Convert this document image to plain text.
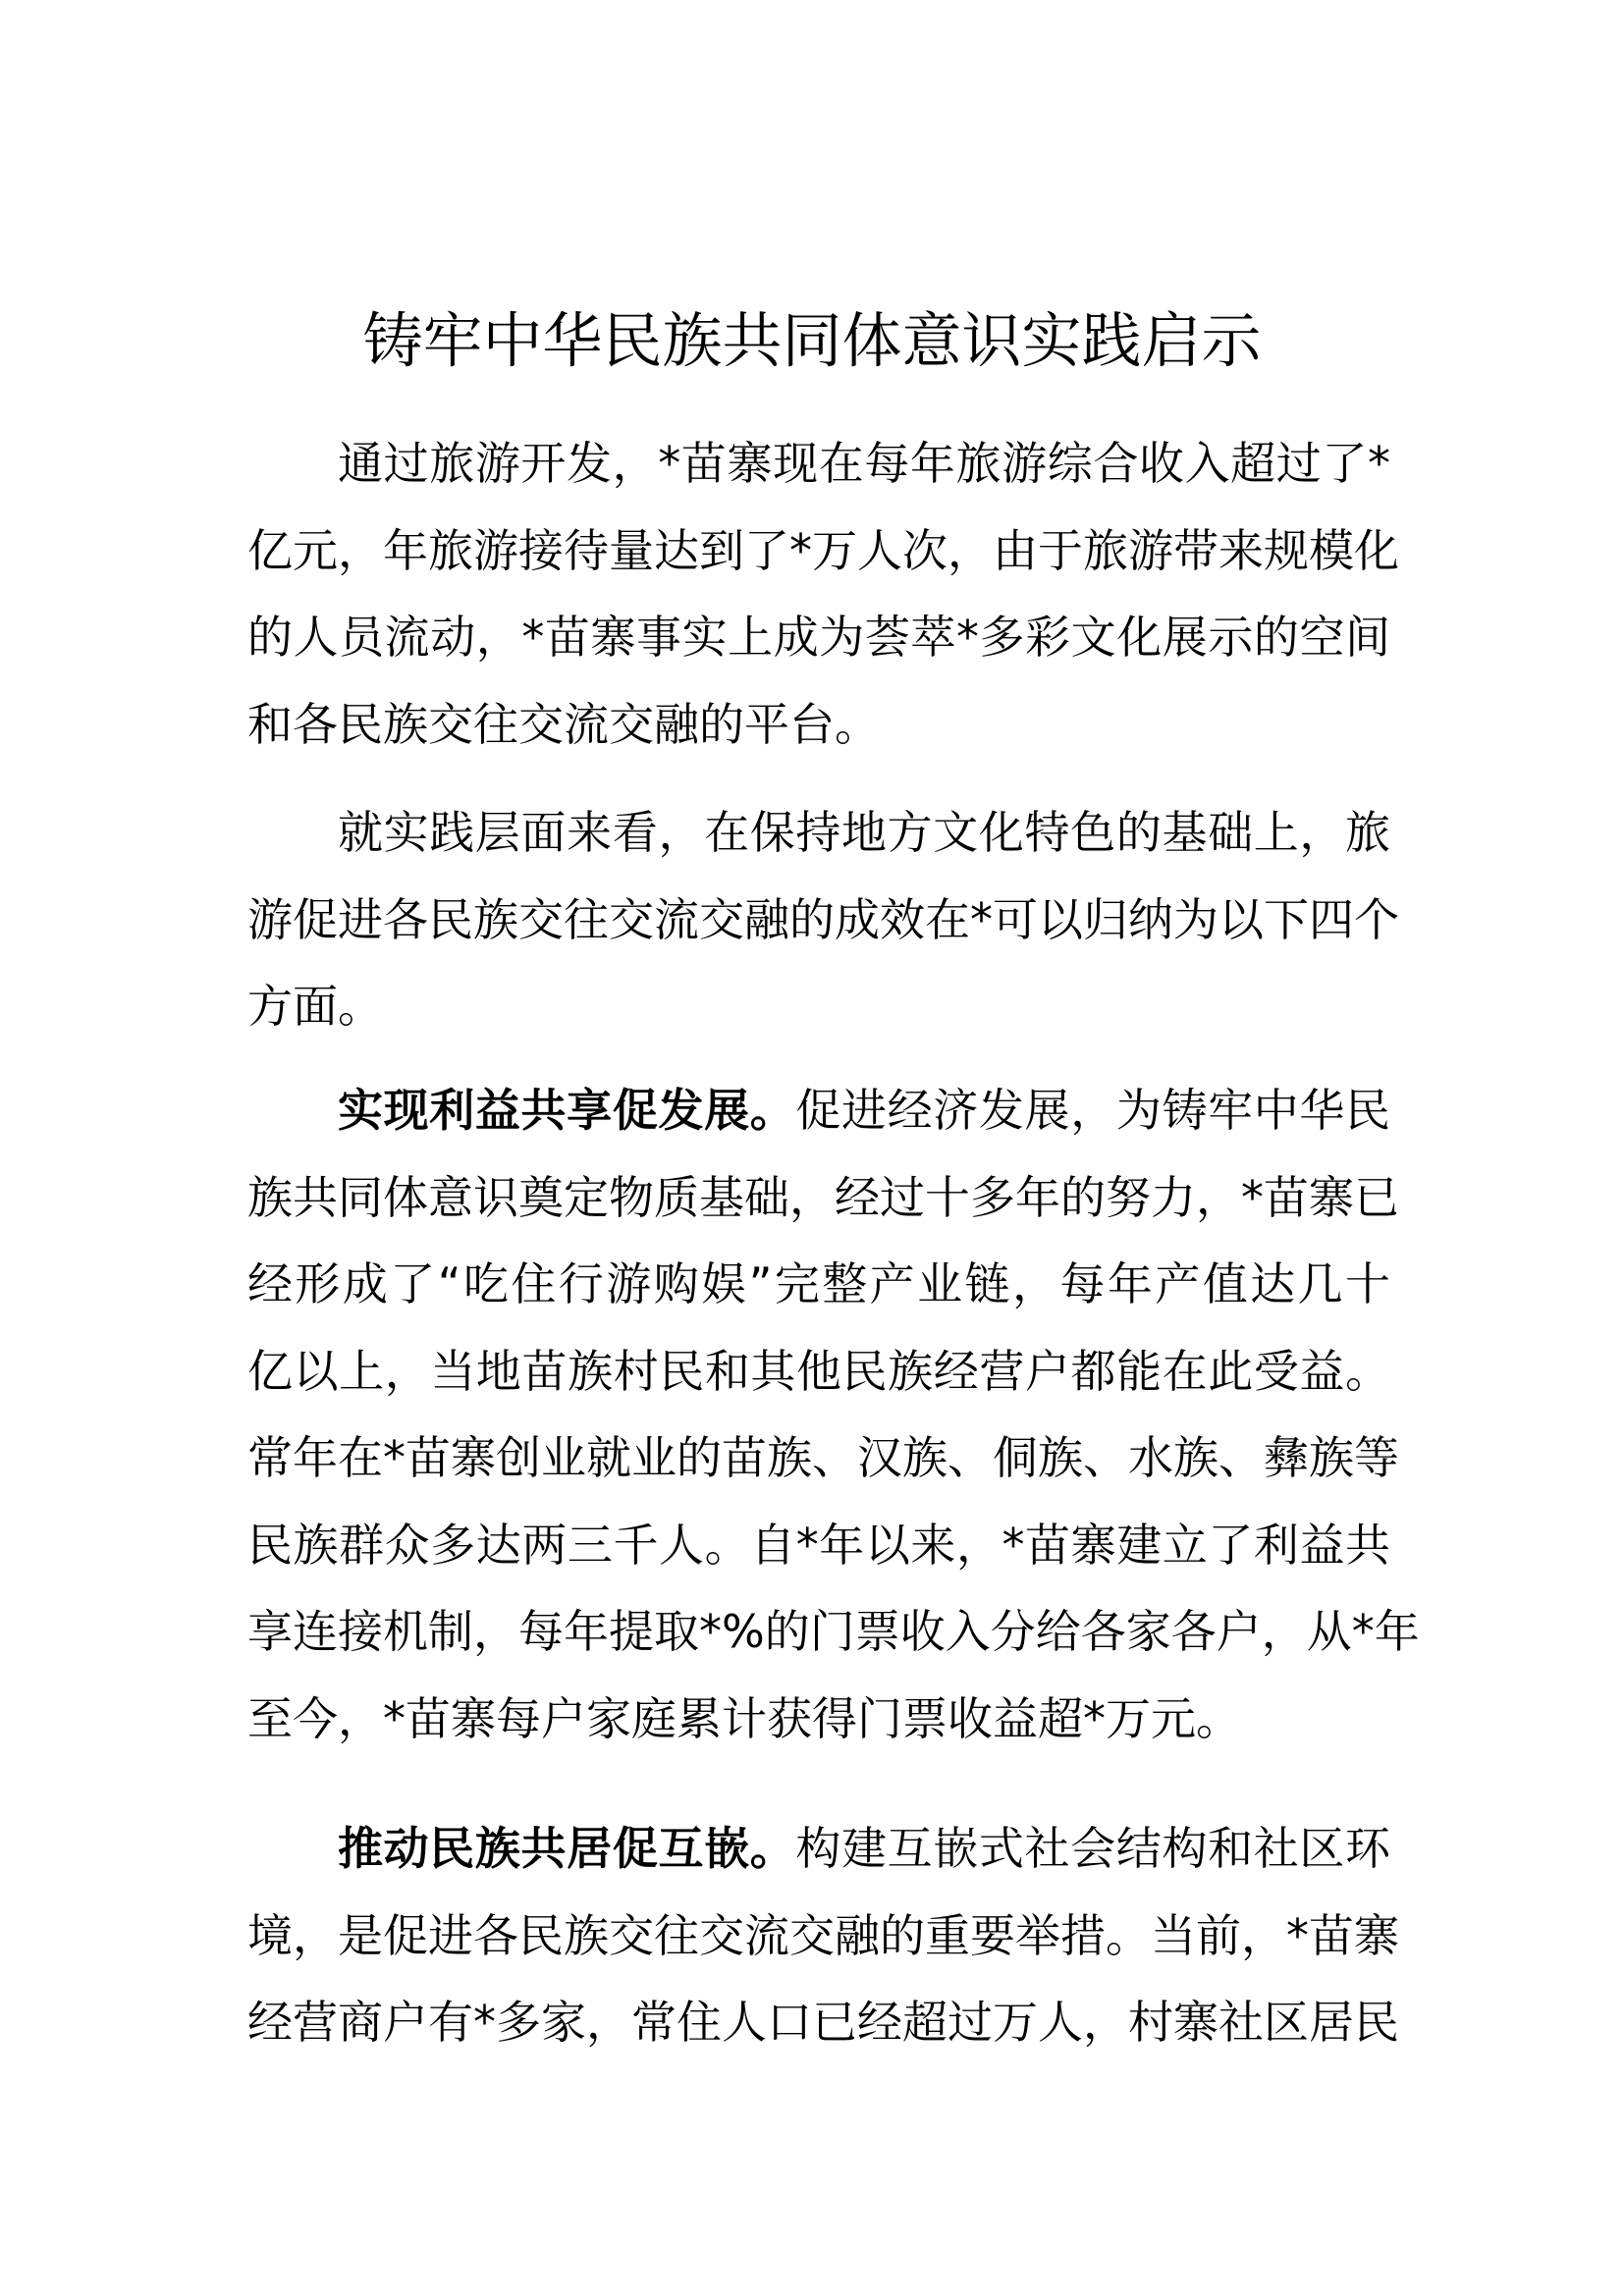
铸牢中华民族共同体意识实践启示
通过旅游开发，*苗寨现在每年旅游综合收入超过了*
亿元，年旅游接待量达到了*万人次，由于旅游带来规模化
的人员流动，*苗寨事实上成为荟萃*多彩文化展示的空间
和各民族交往交流交融的平台。
就实践层面来看，在保持地方文化特色的基础上，旅
游促进各民族交往交流交融的成效在*可以归纳为以下四个
方面。
实现利益共享促发展。促进经济发展，为铸牢中华民
族共同体意识奠定物质基础，经过十多年的努力，*苗寨已
经形成了“吃住行游购娱”完整产业链，每年产值达几十
亿以上，当地苗族村民和其他民族经营户都能在此受益。
常年在*苗寨创业就业的苗族、汉族、侗族、水族、彝族等
民族群众多达两三千人。自*年以来，*苗寨建立了利益共
享连接机制，每年提取*%的门票收入分给各家各户，从*年
至今，*苗寨每户家庭累计获得门票收益超*万元。
推动民族共居促互嵌。构建互嵌式社会结构和社区环
境，是促进各民族交往交流交融的重要举措。当前，*苗寨
经营商户有*多家，常住人口已经超过万人，村寨社区居民
